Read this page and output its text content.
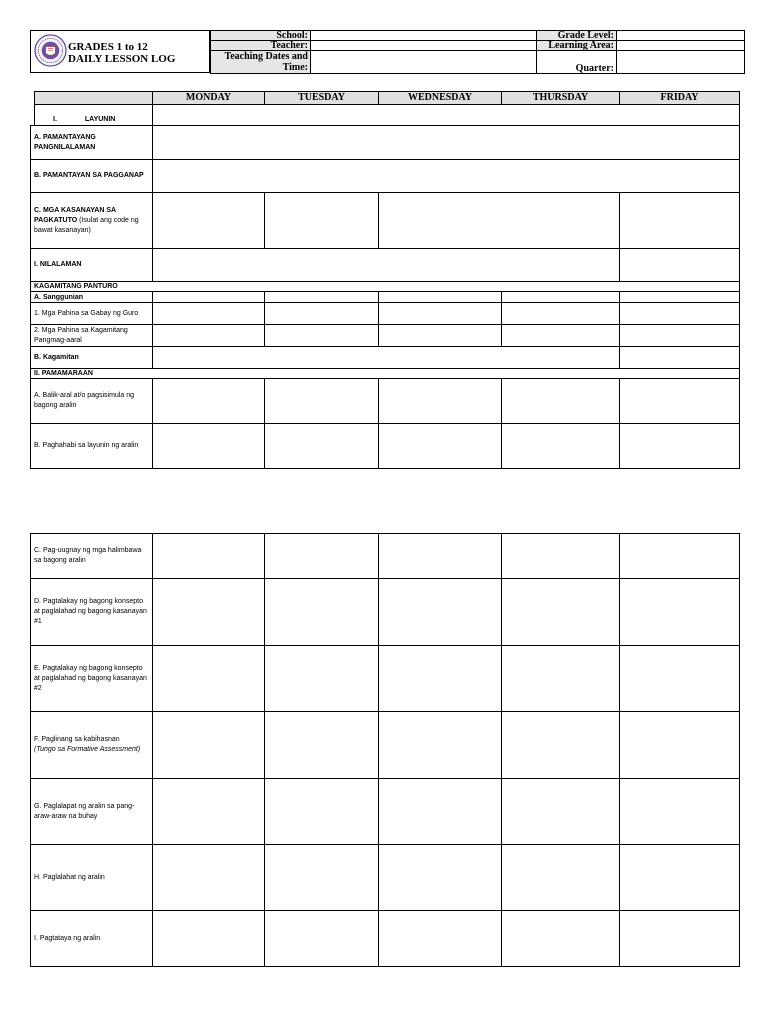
GRADES 1 to 12
DAILY LESSON LOG
School:		Grade Level:	
Teacher:		Learning Area:	

Teaching Dates and
Time:		Quarter:	
	MONDAY	TUESDAY	WEDNESDAY	THURSDAY	FRIDAY
I. LAYUNIN					
A. PAMANTAYANG PANGNILALAMAN					
B. PAMANTAYAN SA PAGGANAP					
C. MGA KASANAYAN SA PAGKATUTO (Isulat ang code ng bawat kasanayan)					
I. NILALAMAN					
KAGAMITANG PANTURO					
A. Sanggunian					
1. Mga Pahina sa Gabay ng Guro					
2. Mga Pahina sa Kagamitang Pangmag-aaral					
B. Kagamitan					
II. PAMAMARAAN					
A. Balik-aral at/o pagsisimula ng bagong aralin					
B. Paghahabi sa layunin ng aralin					
C. Pag-uugnay ng mga halimbawa sa bagong aralin					
D. Pagtalakay ng bagong konsepto at paglalahad ng bagong kasanayan #1					
E. Pagtalakay ng bagong konsepto at paglalahad ng bagong kasanayan #2					

F. Paglinang sa kabihasnan
(Tungo sa Formative Assessment)					

G. Paglalapat ng aralin sa pang-araw-araw na buhay					
H. Paglalahat ng aralin					
I. Pagtataya ng aralin					
